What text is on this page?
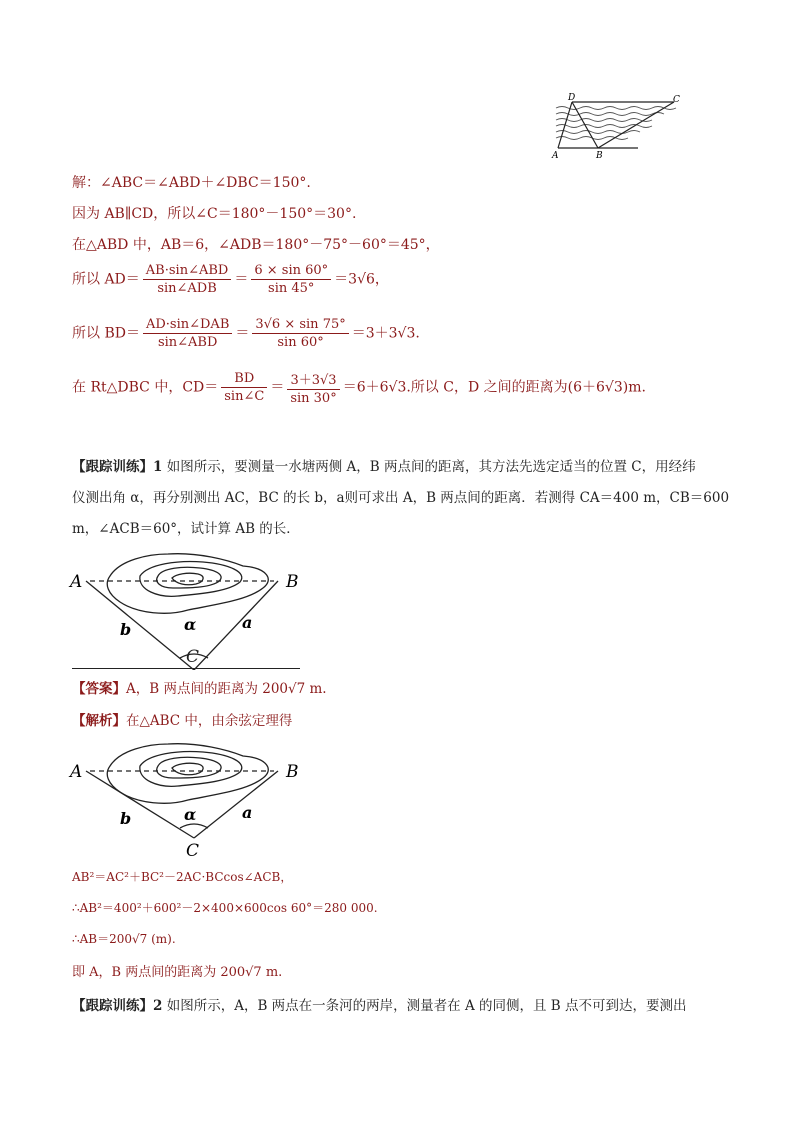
D	C
A	B
解：∠ABC＝∠ABD＋∠DBC＝150°.
因为 AB∥CD，所以∠C＝180°－150°＝30°.
在△ABD 中，AB＝6，∠ADB＝180°－75°－60°＝45°，
所以 $AD= \frac{\text{AB·sin∠ABD}}{\text{sin∠ADB}} = \frac{6 \times \sin 60^\circ}{\sin 45^\circ} =3√6$，
所以 $BD= \frac{\text{AD·sin∠DAB}}{\text{sin∠ABD}} = \frac{3√6 \times \sin 75^\circ}{\sin 60^\circ} =3+3√3$.
在 Rt△DBC 中，$CD= \frac{BD}{\sin\angle C} = \frac{3+3√3}{\sin 30^\circ} =6+6√3$.所以 C，D 之间的距离为(6＋6√3)m.
【跟踪训练】1 如图所示，要测量一水塘两侧 A，B 两点间的距离，其方法先选定适当的位置 C，用经纬
仪测出角 α，再分别测出 AC，BC 的长 b，a则可求出 A，B 两点间的距离．若测得 CA＝400 m，CB＝600
m，∠ACB＝60°，试计算 AB 的长．
A	B
b	a
α
C
【答案】A，B 两点间的距离为 200√7 m.
【解析】在△ABC 中，由余弦定理得
A	B
b	a
α
C
AB²＝AC²＋BC²－2AC·BCcos∠ACB，
∴AB²＝400²＋600²－2×400×600cos 60°＝280 000.
∴AB＝200√7 (m).
即 A，B 两点间的距离为 200√7 m.
【跟踪训练】2 如图所示，A，B 两点在一条河的两岸，测量者在 A 的同侧，且 B 点不可到达，要测出
